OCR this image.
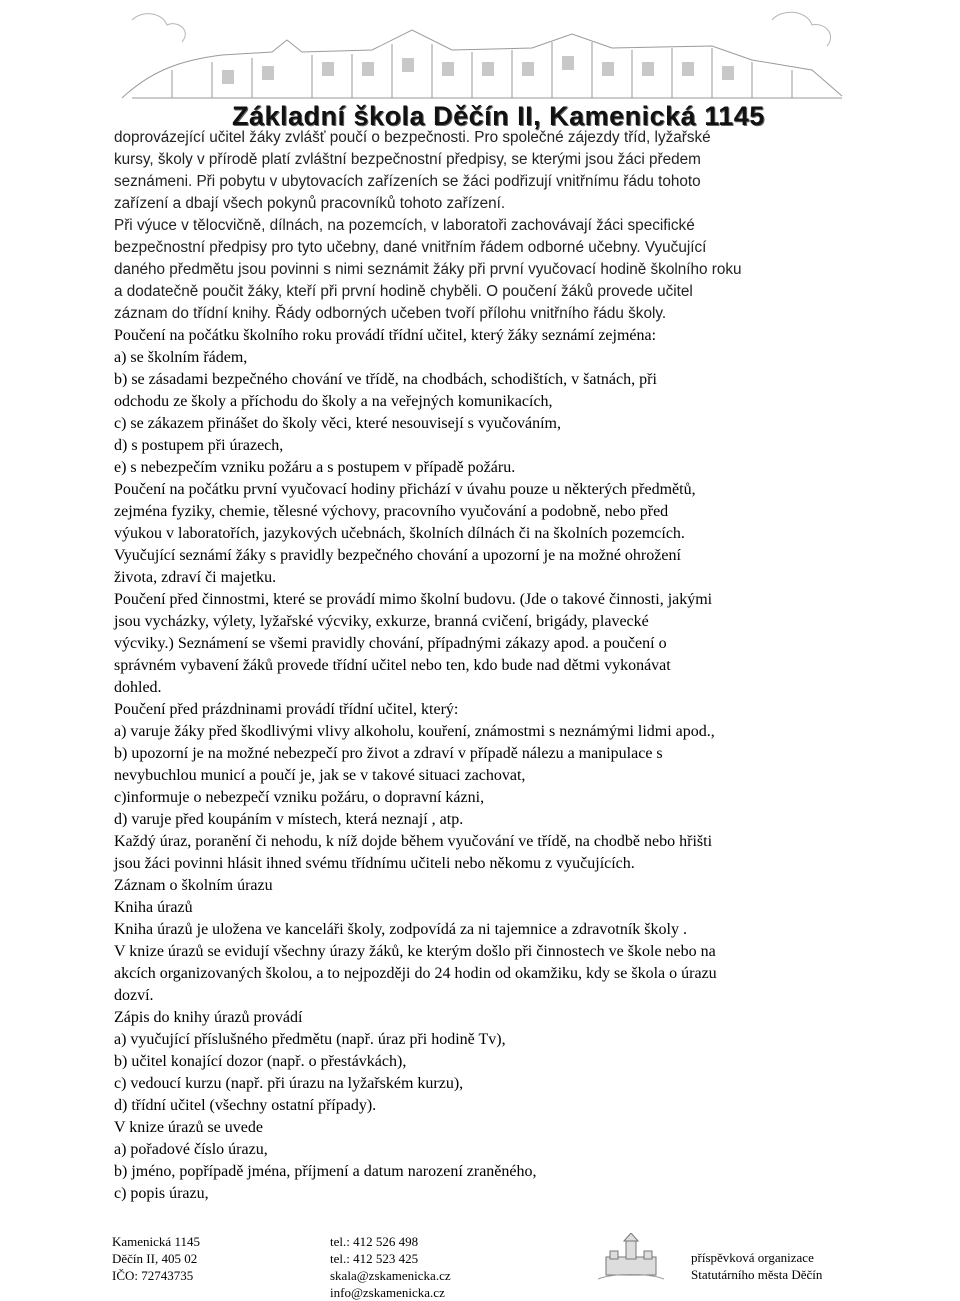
Základní škola Děčín II, Kamenická 1145
doprovázející učitel žáky zvlášť poučí o bezpečnosti. Pro společné zájezdy tříd, lyžařské
kursy, školy v přírodě platí zvláštní bezpečnostní předpisy, se kterými jsou žáci předem
seznámeni. Při pobytu v ubytovacích zařízeních se žáci podřizují vnitřnímu řádu tohoto
zařízení a dbají všech pokynů pracovníků tohoto zařízení.
Při výuce v tělocvičně, dílnách, na pozemcích, v laboratoři zachovávají žáci specifické
bezpečnostní předpisy pro tyto učebny, dané vnitřním řádem odborné učebny. Vyučující
daného předmětu jsou povinni s nimi seznámit žáky při první vyučovací hodině školního roku
a dodatečně poučit žáky, kteří při první hodině chyběli. O poučení žáků provede učitel
záznam do třídní knihy. Řády odborných učeben tvoří přílohu vnitřního řádu školy.
Poučení na počátku školního roku provádí třídní učitel, který žáky seznámí zejména:
a) se školním řádem,
b) se zásadami bezpečného chování ve třídě, na chodbách, schodištích, v šatnách, při
odchodu ze školy a příchodu do školy a na veřejných komunikacích,
c) se zákazem přinášet do školy věci, které nesouvisejí s vyučováním,
d) s postupem při úrazech,
e) s nebezpečím vzniku požáru a s postupem v případě požáru.
Poučení na počátku první vyučovací hodiny přichází v úvahu pouze u některých předmětů,
zejména fyziky, chemie, tělesné výchovy, pracovního vyučování a podobně, nebo před
výukou v laboratořích, jazykových učebnách, školních dílnách či na školních pozemcích.
Vyučující seznámí žáky s pravidly bezpečného chování a upozorní je na možné ohrožení
života, zdraví či majetku.
Poučení před činnostmi, které se provádí mimo školní budovu. (Jde o takové činnosti, jakými
jsou vycházky, výlety, lyžařské výcviky, exkurze, branná cvičení, brigády, plavecké
výcviky.) Seznámení se všemi pravidly chování, případnými zákazy apod. a poučení o
správném vybavení žáků provede třídní učitel nebo ten, kdo bude nad dětmi vykonávat
dohled.
Poučení před prázdninami provádí třídní učitel, který:
a) varuje žáky před škodlivými vlivy alkoholu, kouření, známostmi s neznámými lidmi apod.,
b) upozorní je na možné nebezpečí pro život a zdraví v případě nálezu a manipulace s
nevybuchlou municí a poučí je, jak se v takové situaci zachovat,
c)informuje o nebezpečí vzniku požáru, o dopravní kázni,
d) varuje před koupáním v místech, která neznají , atp.
Každý úraz, poranění či nehodu, k níž dojde během vyučování ve třídě, na chodbě nebo hřišti
jsou žáci povinni hlásit ihned svému třídnímu učiteli nebo někomu z vyučujících.
Záznam o školním úrazu
Kniha úrazů
Kniha úrazů je uložena ve kanceláři školy, zodpovídá za ni tajemnice a zdravotník školy .
V knize úrazů se evidují všechny úrazy žáků, ke kterým došlo při činnostech ve škole nebo na
akcích organizovaných školou, a to nejpozději do 24 hodin od okamžiku, kdy se škola o úrazu
dozví.
Zápis do knihy úrazů provádí
a) vyučující příslušného předmětu (např. úraz při hodině Tv),
b) učitel konající dozor (např. o přestávkách),
c) vedoucí kurzu (např. při úrazu na lyžařském kurzu),
d) třídní učitel (všechny ostatní případy).
V knize úrazů se uvede
a) pořadové číslo úrazu,
b) jméno, popřípadě jména, příjmení a datum narození zraněného,
c) popis úrazu,
Kamenická 1145
Děčín II, 405 02
IČO: 72743735
tel.: 412 526 498
tel.: 412 523 425
skala@zskamenicka.cz
info@zskamenicka.cz
příspěvková organizace
Statutárního města Děčín
